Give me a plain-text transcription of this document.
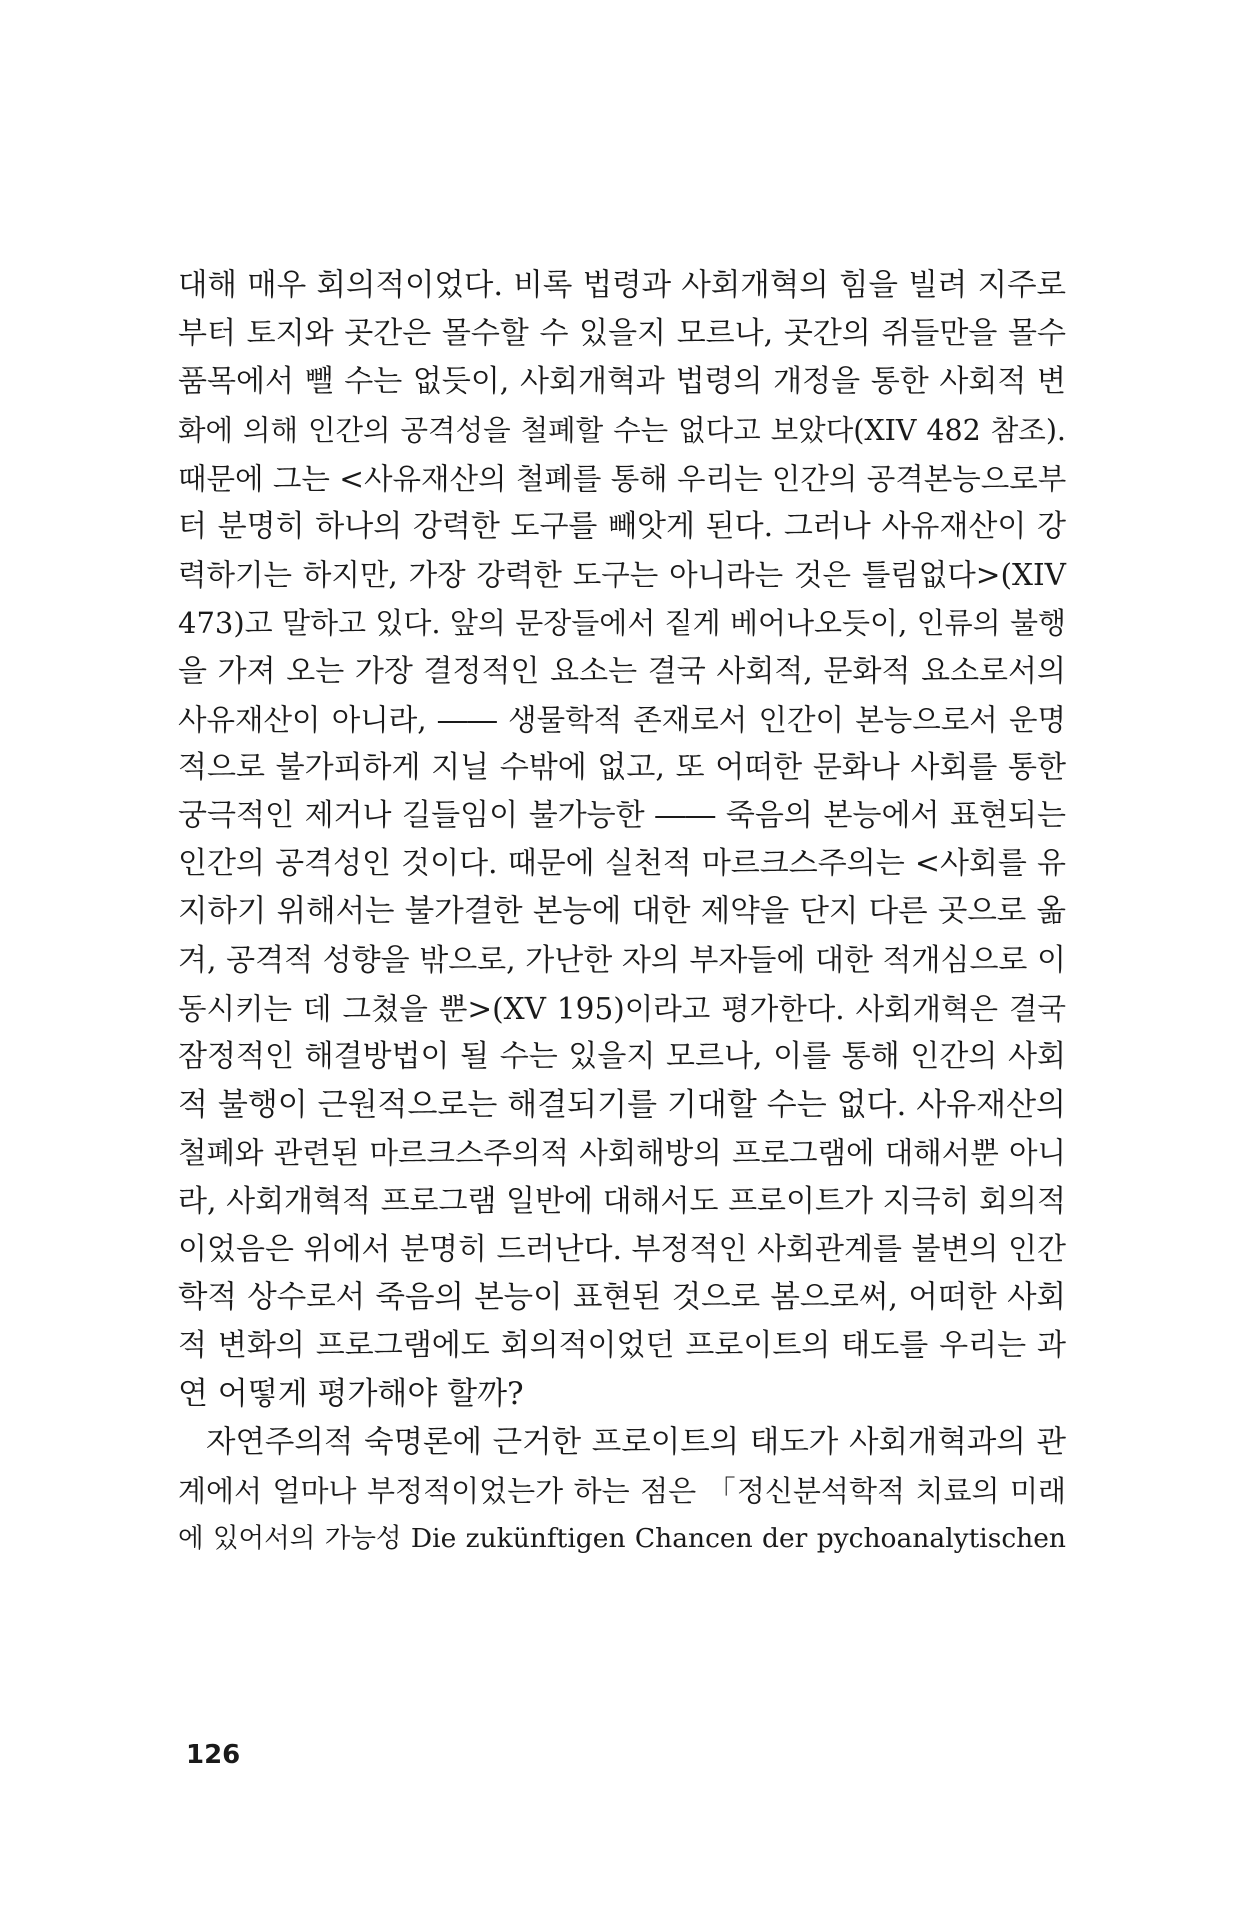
대해 매우 회의적이었다. 비록 법령과 사회개혁의 힘을 빌려 지주로
부터 토지와 곳간은 몰수할 수 있을지 모르나, 곳간의 쥐들만을 몰수
품목에서 뺄 수는 없듯이, 사회개혁과 법령의 개정을 통한 사회적 변
화에 의해 인간의 공격성을 철폐할 수는 없다고 보았다(XIV 482 참조).
때문에 그는 <사유재산의 철폐를 통해 우리는 인간의 공격본능으로부
터 분명히 하나의 강력한 도구를 빼앗게 된다. 그러나 사유재산이 강
력하기는 하지만, 가장 강력한 도구는 아니라는 것은 틀림없다>(XIV
473)고 말하고 있다. 앞의 문장들에서 짙게 베어나오듯이, 인류의 불행
을 가져 오는 가장 결정적인 요소는 결국 사회적, 문화적 요소로서의
사유재산이 아니라, ―― 생물학적 존재로서 인간이 본능으로서 운명
적으로 불가피하게 지닐 수밖에 없고, 또 어떠한 문화나 사회를 통한
궁극적인 제거나 길들임이 불가능한 ―― 죽음의 본능에서 표현되는
인간의 공격성인 것이다. 때문에 실천적 마르크스주의는 <사회를 유
지하기 위해서는 불가결한 본능에 대한 제약을 단지 다른 곳으로 옮
겨, 공격적 성향을 밖으로, 가난한 자의 부자들에 대한 적개심으로 이
동시키는 데 그쳤을 뿐>(XV 195)이라고 평가한다. 사회개혁은 결국
잠정적인 해결방법이 될 수는 있을지 모르나, 이를 통해 인간의 사회
적 불행이 근원적으로는 해결되기를 기대할 수는 없다. 사유재산의
철폐와 관련된 마르크스주의적 사회해방의 프로그램에 대해서뿐 아니
라, 사회개혁적 프로그램 일반에 대해서도 프로이트가 지극히 회의적
이었음은 위에서 분명히 드러난다. 부정적인 사회관계를 불변의 인간
학적 상수로서 죽음의 본능이 표현된 것으로 봄으로써, 어떠한 사회
적 변화의 프로그램에도 회의적이었던 프로이트의 태도를 우리는 과
연 어떻게 평가해야 할까?
자연주의적 숙명론에 근거한 프로이트의 태도가 사회개혁과의 관
계에서 얼마나 부정적이었는가 하는 점은 「정신분석학적 치료의 미래
에 있어서의 가능성 Die zukünftigen Chancen der pychoanalytischen
126
